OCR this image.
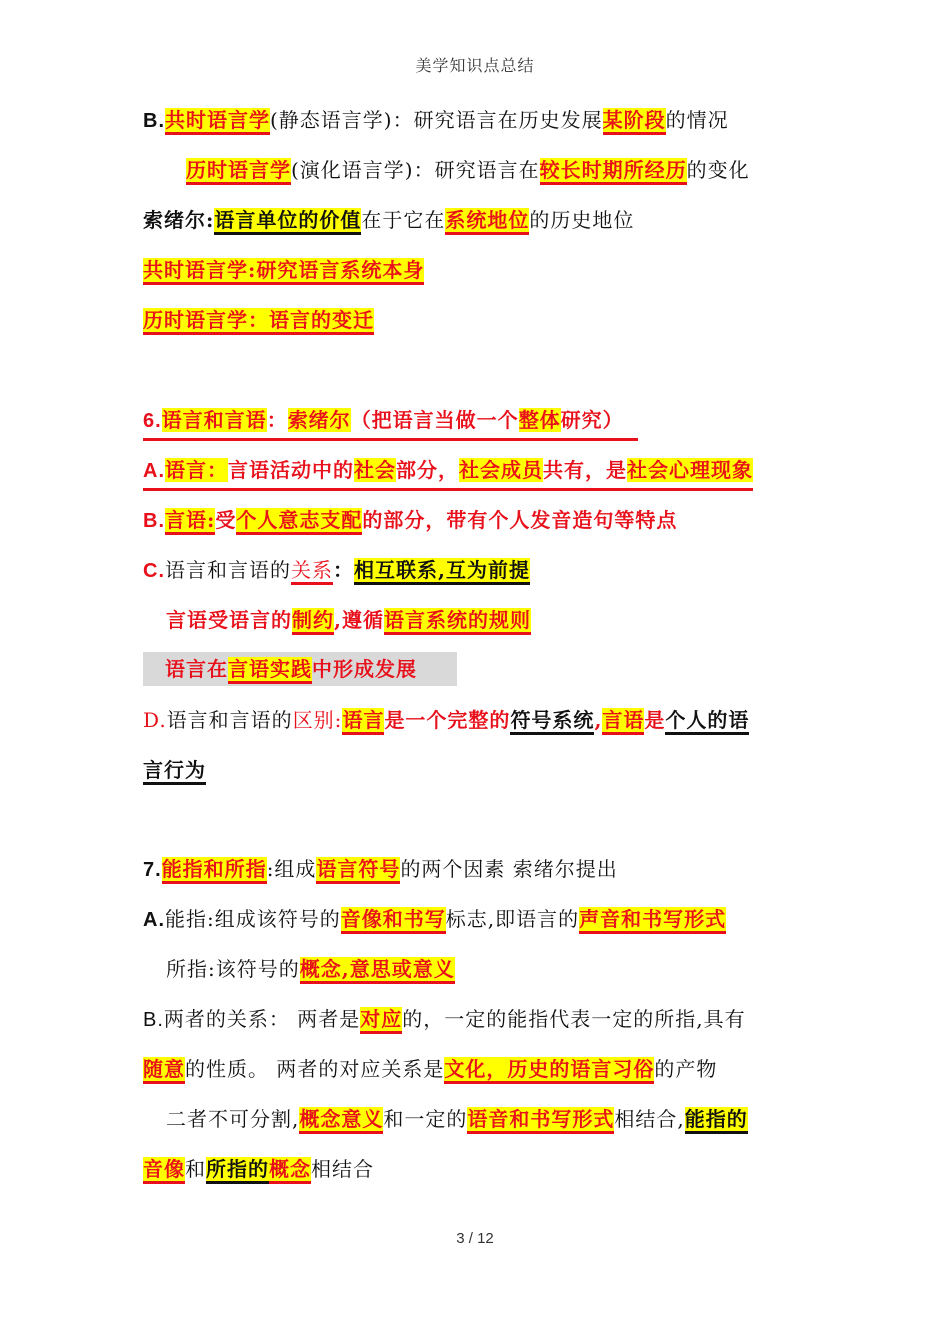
美学知识点总结
B.共时语言学(静态语言学)：研究语言在历史发展某阶段的情况
历时语言学(演化语言学)：研究语言在较长时期所经历的变化
索绪尔:语言单位的价值在于它在系统地位的历史地位
共时语言学:研究语言系统本身
历时语言学：语言的变迁
6.语言和言语：索绪尔（把语言当做一个整体研究）
A.语言：言语活动中的社会部分，社会成员共有，是社会心理现象
B.言语:受个人意志支配的部分，带有个人发音造句等特点
C.语言和言语的关系：相互联系,互为前提
言语受语言的制约,遵循语言系统的规则
语言在言语实践中形成发展
D.语言和言语的区别:语言是一个完整的符号系统,言语是个人的语
言行为
7.能指和所指:组成语言符号的两个因素 索绪尔提出
A.能指:组成该符号的音像和书写标志,即语言的声音和书写形式
所指:该符号的概念,意思或意义
B.两者的关系： 两者是对应的，一定的能指代表一定的所指,具有
随意的性质。 两者的对应关系是文化，历史的语言习俗的产物
二者不可分割,概念意义和一定的语音和书写形式相结合,能指的
音像和所指的概念相结合
3 / 12
